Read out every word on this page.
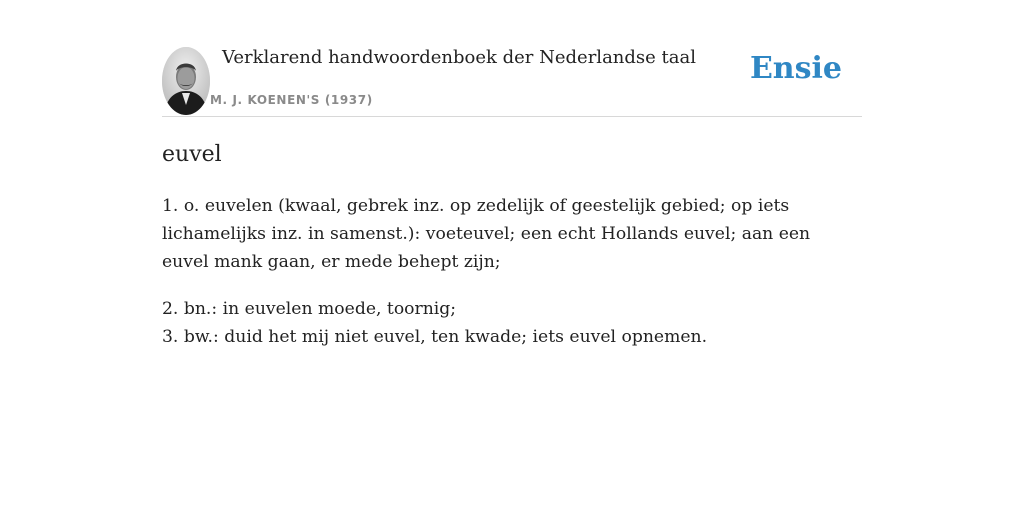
Verklarend handwoordenboek der Nederlandse taal
M. J. KOENEN'S (1937)
Ensie
euvel

1. o. euvelen (kwaal, gebrek inz. op zedelijk of geestelijk gebied; op iets lichamelijks inz. in samenst.): voeteuvel; een echt Hollands euvel; aan een euvel mank gaan, er mede behept zijn;

2. bn.: in euvelen moede, toornig;

3. bw.: duid het mij niet euvel, ten kwade; iets euvel opnemen.
